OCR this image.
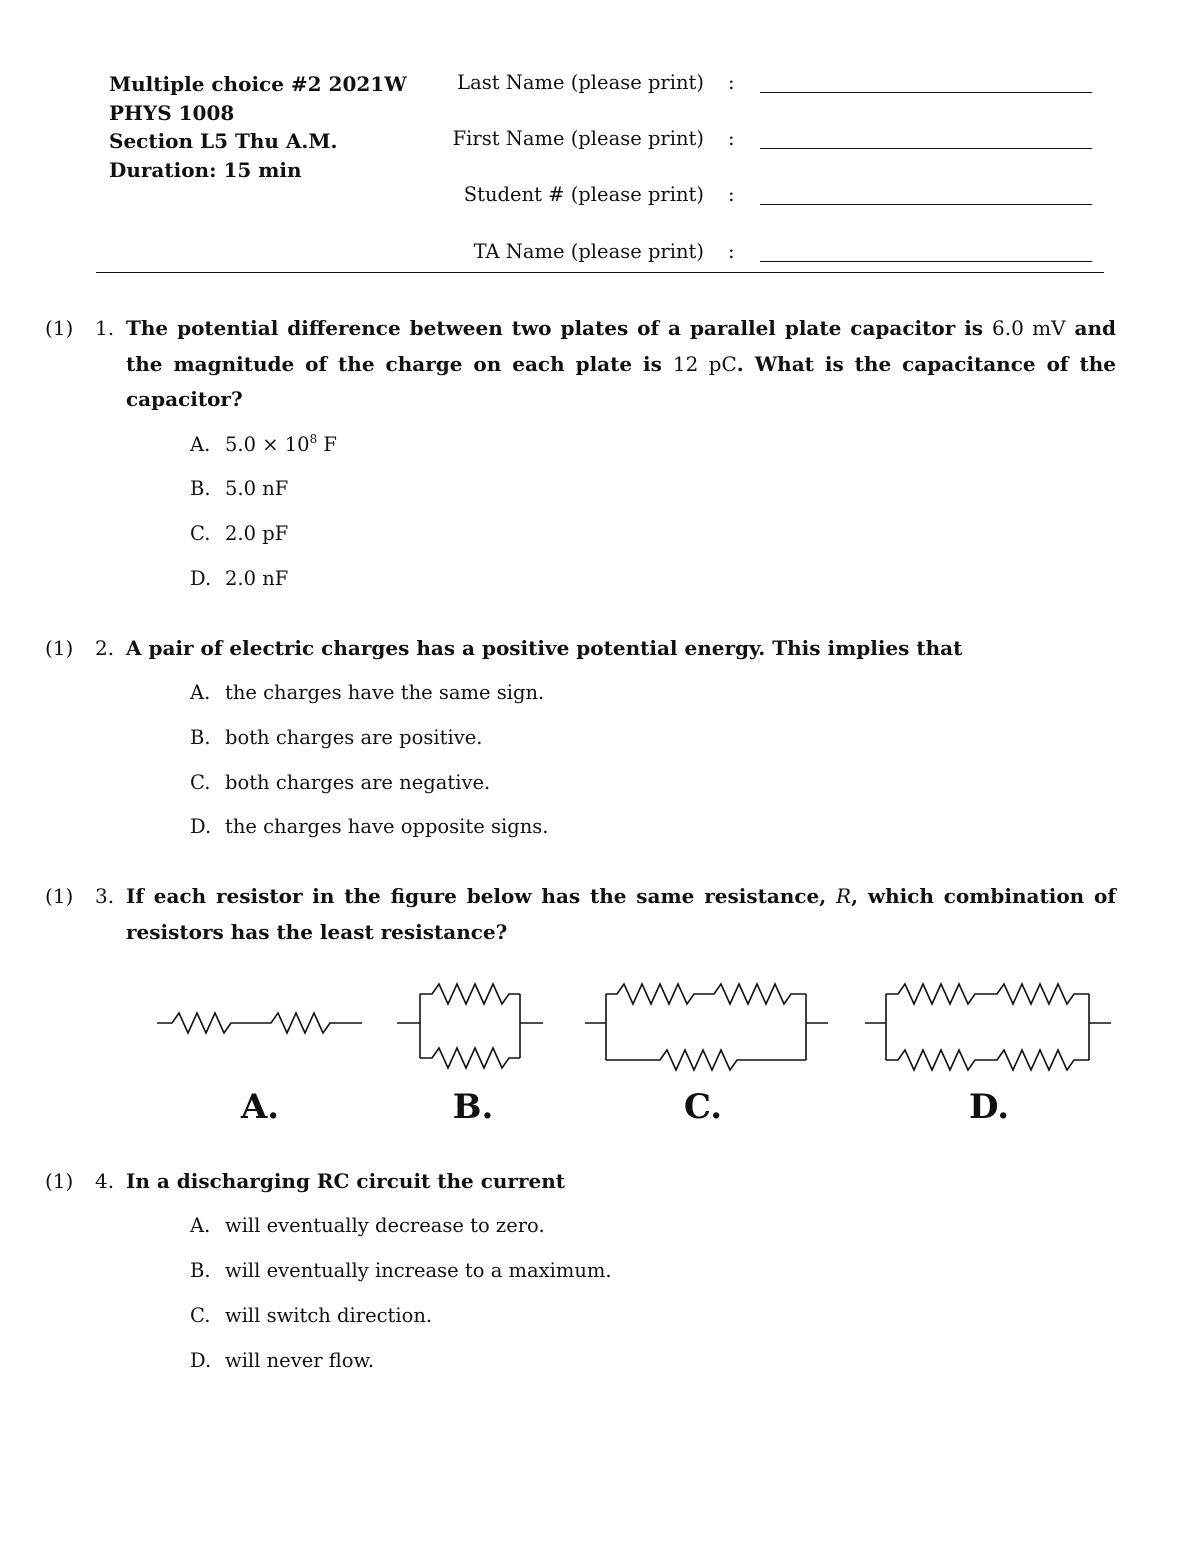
Multiple choice #2 2021W
PHYS 1008
Section L5 Thu A.M.
Duration: 15 min
Last Name (please print) :
First Name (please print) :
Student # (please print) :
TA Name (please print) :
(1) 1. The potential difference between two plates of a parallel plate capacitor is 6.0 mV and the magnitude of the charge on each plate is 12 pC. What is the capacitance of the capacitor?
A. $5.0 \times 10^8$ F
B. 5.0 nF
C. 2.0 pF
D. 2.0 nF
(1) 2. A pair of electric charges has a positive potential energy. This implies that
A. the charges have the same sign.
B. both charges are positive.
C. both charges are negative.
D. the charges have opposite signs.
(1) 3. If each resistor in the figure below has the same resistance, R, which combination of resistors has the least resistance?
A.	B.	C.	D.
(1) 4. In a discharging RC circuit the current
A. will eventually decrease to zero.
B. will eventually increase to a maximum.
C. will switch direction.
D. will never flow.
